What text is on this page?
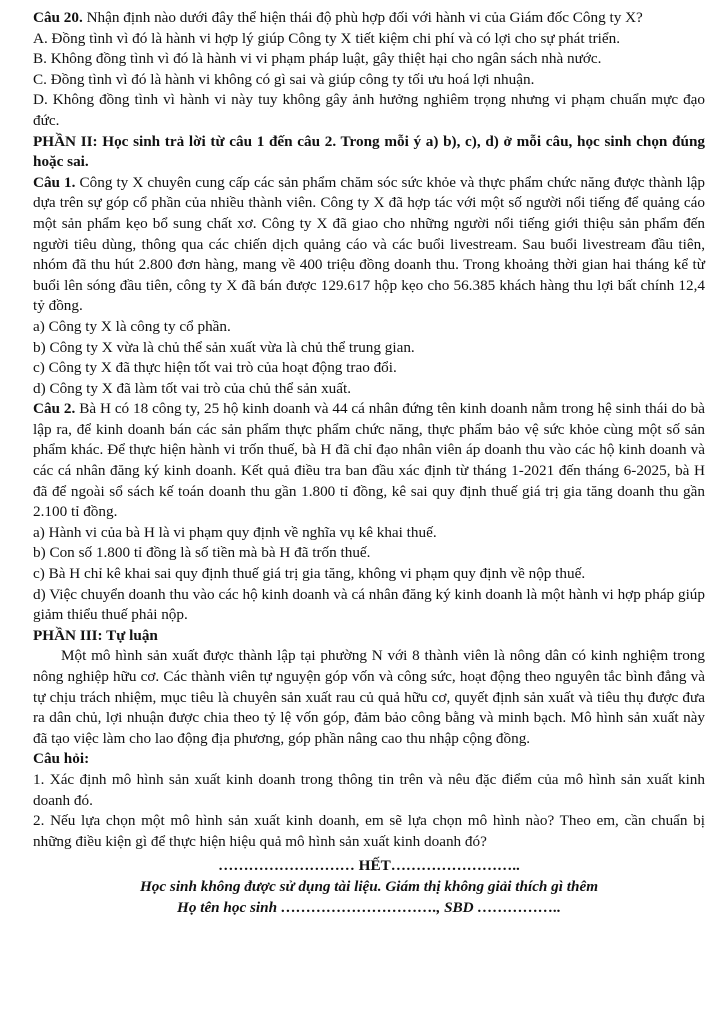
Câu 20. Nhận định nào dưới đây thể hiện thái độ phù hợp đối với hành vi của Giám đốc Công ty X?

A. Đồng tình vì đó là hành vi hợp lý giúp Công ty X tiết kiệm chi phí và có lợi cho sự phát triển.

B. Không đồng tình vì đó là hành vi vi phạm pháp luật, gây thiệt hại cho ngân sách nhà nước.

C. Đồng tình vì đó là hành vi không có gì sai và giúp công ty tối ưu hoá lợi nhuận.

D. Không đồng tình vì hành vi này tuy không gây ảnh hưởng nghiêm trọng nhưng vi phạm chuẩn mực đạo đức.

PHẦN II: Học sinh trả lời từ câu 1 đến câu 2. Trong mỗi ý a) b), c), d) ở mỗi câu, học sinh chọn đúng hoặc sai.

Câu 1. Công ty X chuyên cung cấp các sản phẩm chăm sóc sức khỏe và thực phẩm chức năng được thành lập dựa trên sự góp cổ phần của nhiều thành viên. Công ty X đã hợp tác với một số người nổi tiếng để quảng cáo một sản phẩm kẹo bổ sung chất xơ. Công ty X đã giao cho những người nổi tiếng giới thiệu sản phẩm đến người tiêu dùng, thông qua các chiến dịch quảng cáo và các buổi livestream. Sau buổi livestream đầu tiên, nhóm đã thu hút 2.800 đơn hàng, mang về 400 triệu đồng doanh thu. Trong khoảng thời gian hai tháng kể từ buổi lên sóng đầu tiên, công ty X đã bán được 129.617 hộp kẹo cho 56.385 khách hàng thu lợi bất chính 12,4 tỷ đồng.

a) Công ty X là công ty cổ phần.

b) Công ty X vừa là chủ thể sản xuất vừa là chủ thể trung gian.

c) Công ty X đã thực hiện tốt vai trò của hoạt động trao đổi.

d) Công ty X đã làm tốt vai trò của chủ thể sản xuất.

Câu 2. Bà H có 18 công ty, 25 hộ kinh doanh và 44 cá nhân đứng tên kinh doanh nằm trong hệ sinh thái do bà lập ra, để kinh doanh bán các sản phẩm thực phẩm chức năng, thực phẩm bảo vệ sức khỏe cùng một số sản phẩm khác. Để thực hiện hành vi trốn thuế, bà H đã chỉ đạo nhân viên áp doanh thu vào các hộ kinh doanh và các cá nhân đăng ký kinh doanh. Kết quả điều tra ban đầu xác định từ tháng 1-2021 đến tháng 6-2025, bà H đã để ngoài sổ sách kế toán doanh thu gần 1.800 tỉ đồng, kê sai quy định thuế giá trị gia tăng doanh thu gần 2.100 tỉ đồng.

a) Hành vi của bà H là vi phạm quy định về nghĩa vụ kê khai thuế.

b) Con số 1.800 tỉ đồng là số tiền mà bà H đã trốn thuế.

c) Bà H chỉ kê khai sai quy định thuế giá trị gia tăng, không vi phạm quy định về nộp thuế.

d) Việc chuyển doanh thu vào các hộ kinh doanh và cá nhân đăng ký kinh doanh là một hành vi hợp pháp giúp giảm thiểu thuế phải nộp.

PHẦN III: Tự luận

Một mô hình sản xuất được thành lập tại phường N với 8 thành viên là nông dân có kinh nghiệm trong nông nghiệp hữu cơ. Các thành viên tự nguyện góp vốn và công sức, hoạt động theo nguyên tắc bình đẳng và tự chịu trách nhiệm, mục tiêu là chuyên sản xuất rau củ quả hữu cơ, quyết định sản xuất và tiêu thụ được đưa ra dân chủ, lợi nhuận được chia theo tỷ lệ vốn góp, đảm bảo công bằng và minh bạch. Mô hình sản xuất này đã tạo việc làm cho lao động địa phương, góp phần nâng cao thu nhập cộng đồng.

Câu hỏi:

1. Xác định mô hình sản xuất kinh doanh trong thông tin trên và nêu đặc điểm của mô hình sản xuất kinh doanh đó.

2. Nếu lựa chọn một mô hình sản xuất kinh doanh, em sẽ lựa chọn mô hình nào? Theo em, cần chuẩn bị những điều kiện gì để thực hiện hiệu quả mô hình sản xuất kinh doanh đó?

……………………… HẾT……………………..

Học sinh không được sử dụng tài liệu. Giám thị không giải thích gì thêm

Họ tên học sinh …………………………., SBD ……………..
